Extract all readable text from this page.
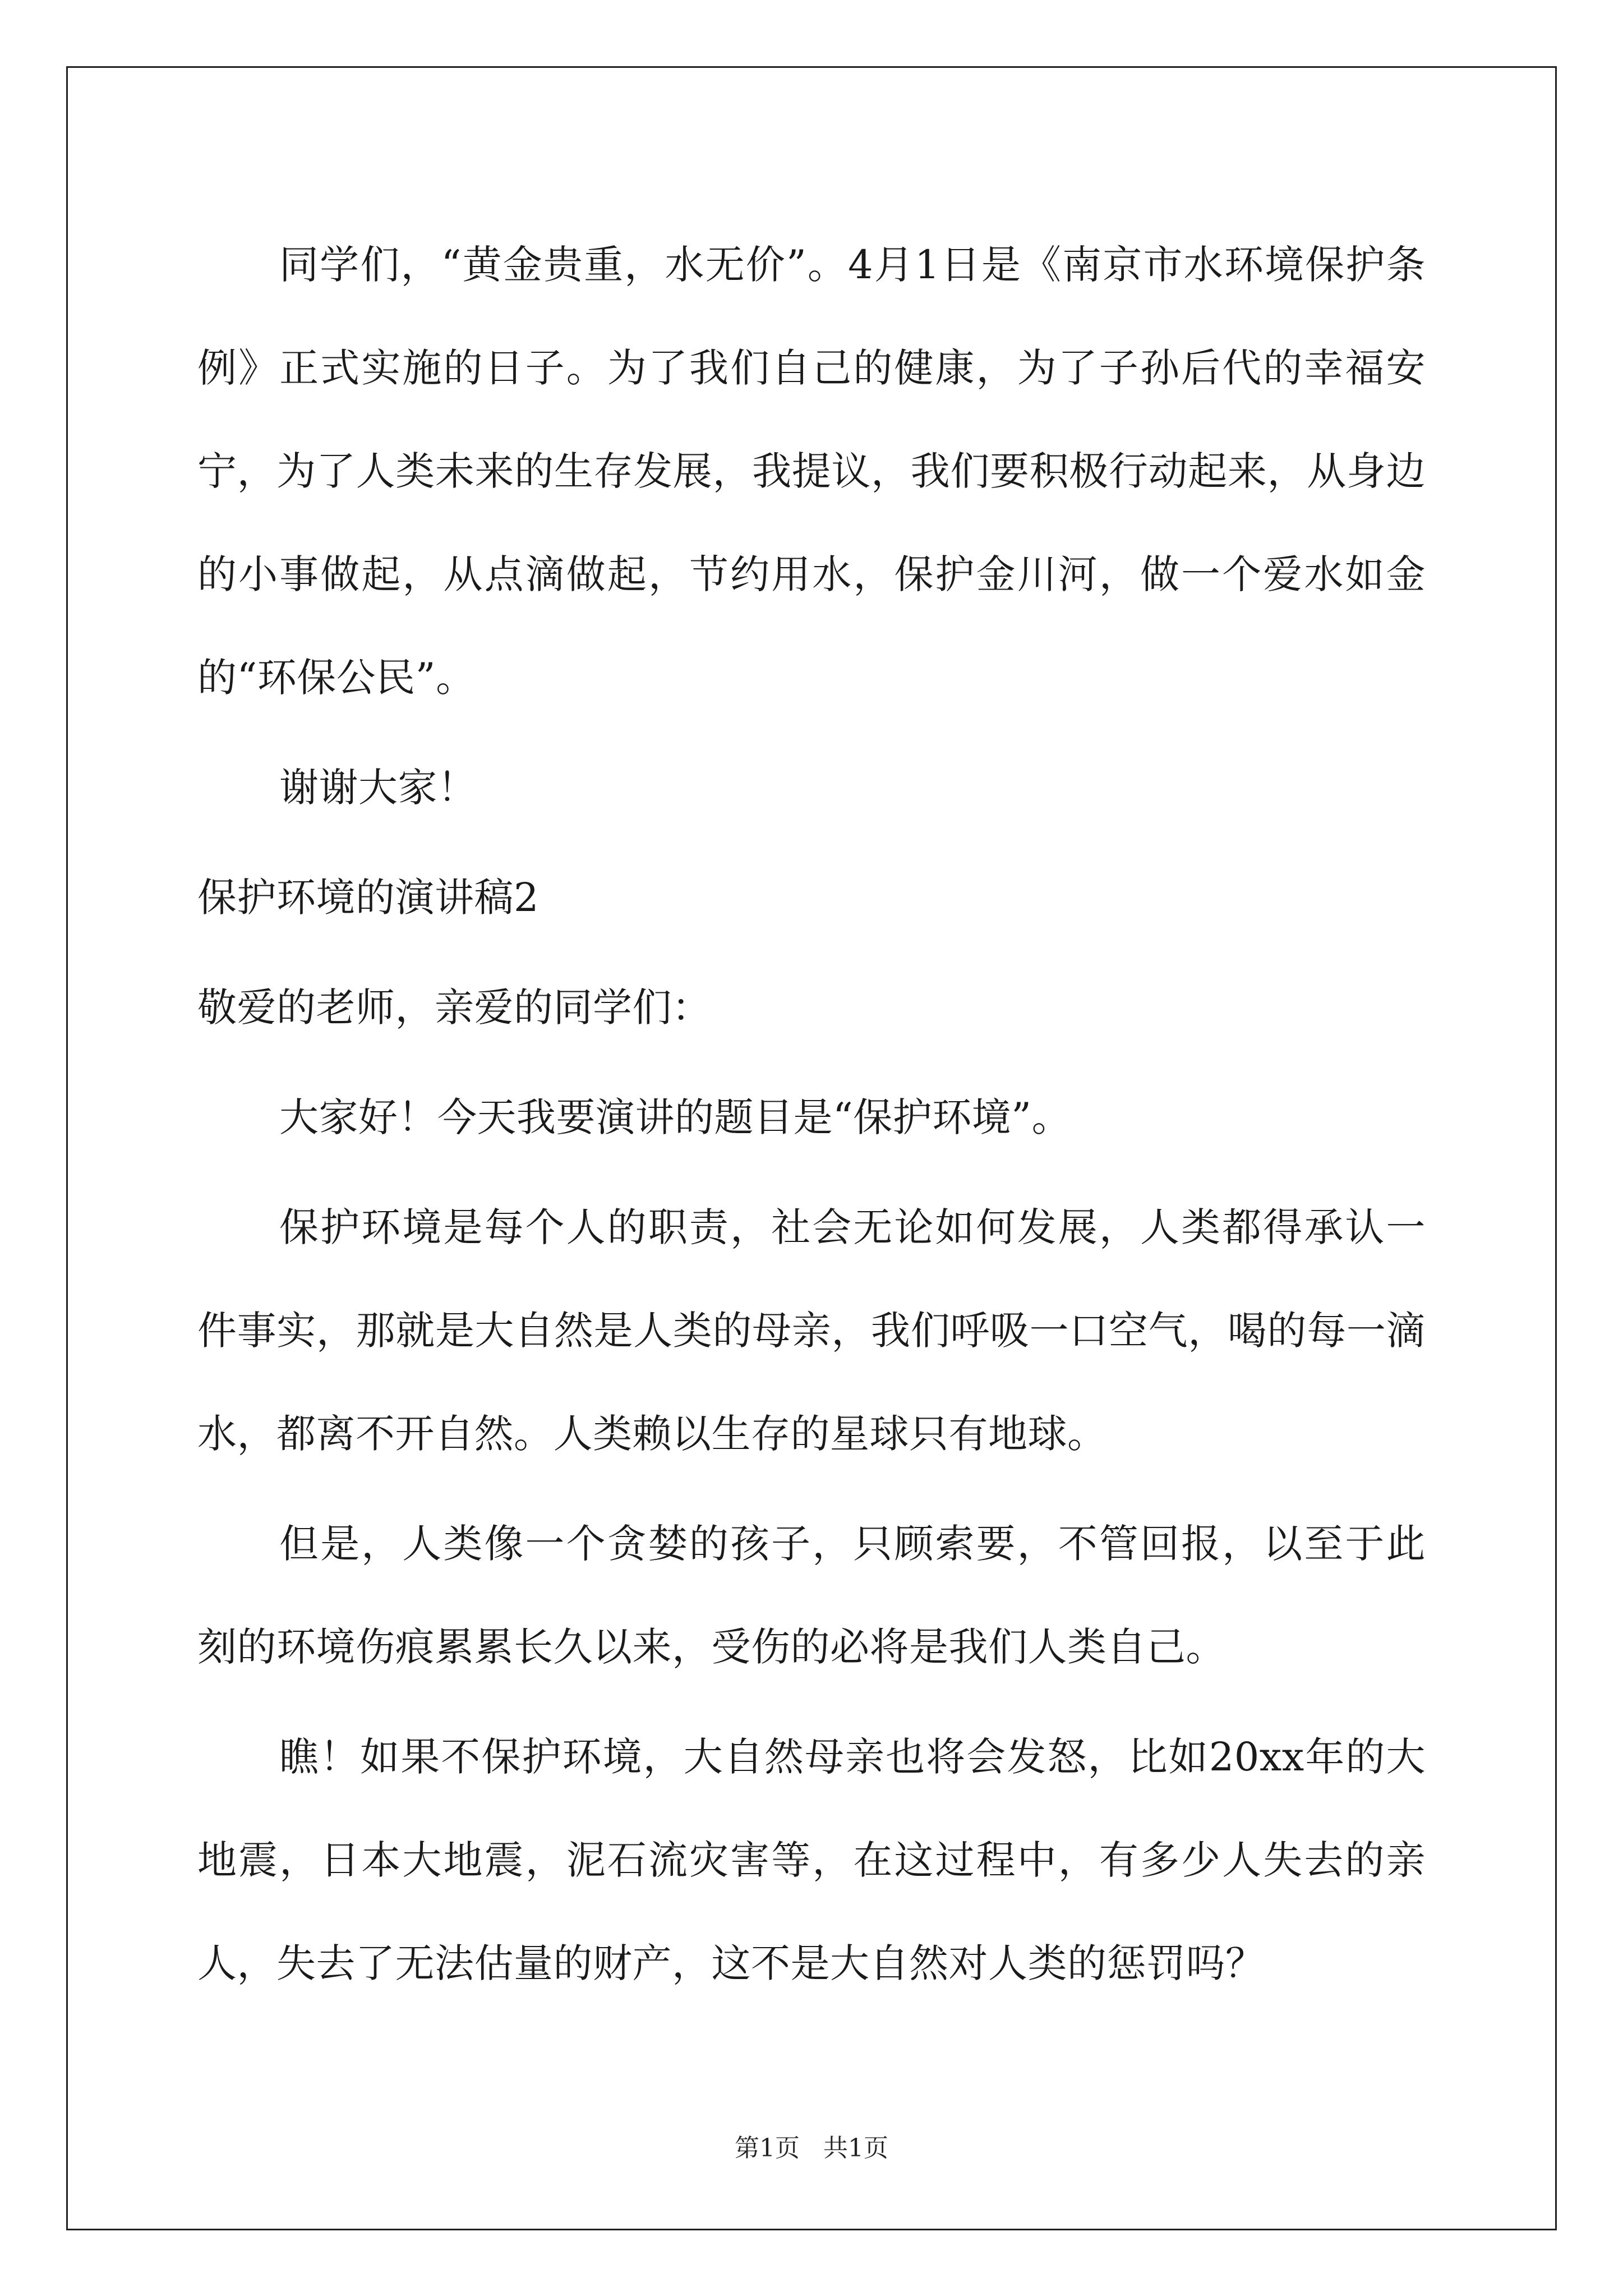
同学们，“黄金贵重，水无价”。4月1日是《南京市水环境保护条例》正式实施的日子。为了我们自己的健康，为了子孙后代的幸福安宁，为了人类未来的生存发展，我提议，我们要积极行动起来，从身边的小事做起，从点滴做起，节约用水，保护金川河，做一个爱水如金的“环保公民”。

谢谢大家！

保护环境的演讲稿2

敬爱的老师，亲爱的同学们：

大家好！今天我要演讲的题目是“保护环境”。

保护环境是每个人的职责，社会无论如何发展，人类都得承认一件事实，那就是大自然是人类的母亲，我们呼吸一口空气，喝的每一滴水，都离不开自然。人类赖以生存的星球只有地球。

但是，人类像一个贪婪的孩子，只顾索要，不管回报，以至于此刻的环境伤痕累累长久以来，受伤的必将是我们人类自己。

瞧！如果不保护环境，大自然母亲也将会发怒，比如20xx年的大地震，日本大地震，泥石流灾害等，在这过程中，有多少人失去的亲人，失去了无法估量的财产，这不是大自然对人类的惩罚吗？

第1页 共1页
